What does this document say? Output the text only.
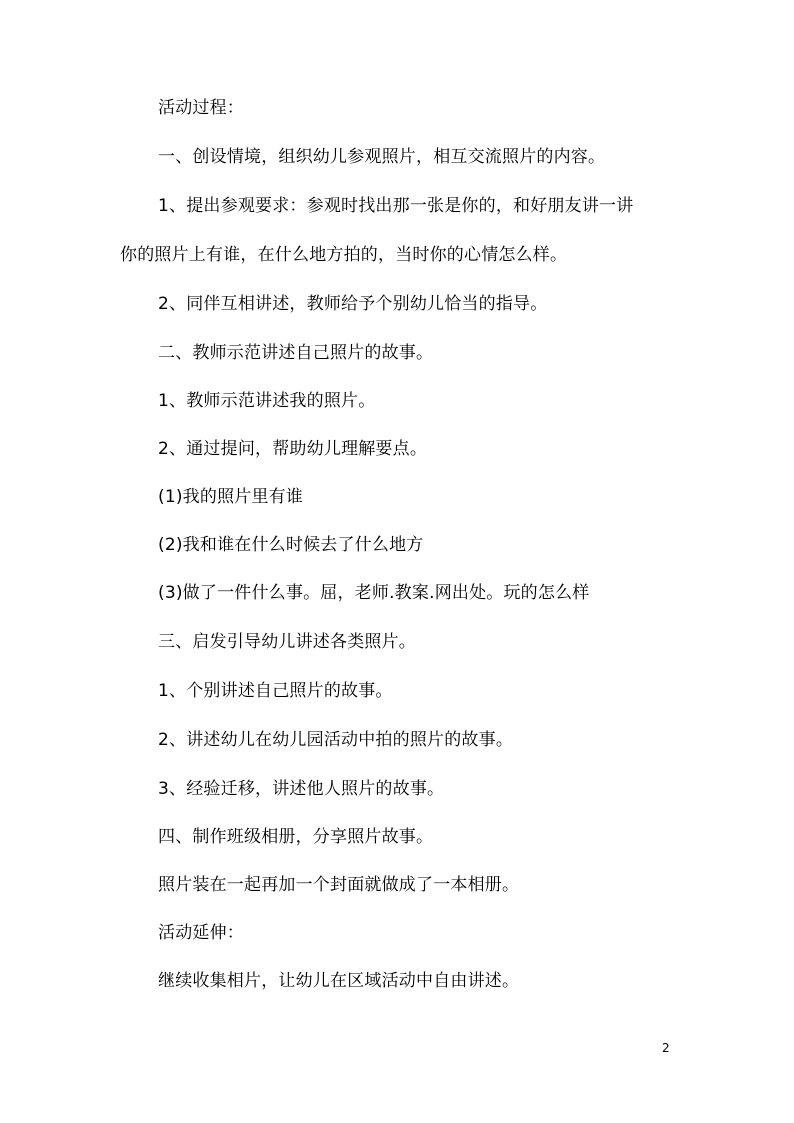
活动过程：
一、创设情境，组织幼儿参观照片，相互交流照片的内容。
1、提出参观要求：参观时找出那一张是你的，和好朋友讲一讲
你的照片上有谁，在什么地方拍的，当时你的心情怎么样。
2、同伴互相讲述，教师给予个别幼儿恰当的指导。
二、教师示范讲述自己照片的故事。
1、教师示范讲述我的照片。
2、通过提问，帮助幼儿理解要点。
(1)我的照片里有谁
(2)我和谁在什么时候去了什么地方
(3)做了一件什么事。屈，老师.教案.网出处。玩的怎么样
三、启发引导幼儿讲述各类照片。
1、个别讲述自己照片的故事。
2、讲述幼儿在幼儿园活动中拍的照片的故事。
3、经验迁移，讲述他人照片的故事。
四、制作班级相册，分享照片故事。
照片装在一起再加一个封面就做成了一本相册。
活动延伸：
继续收集相片，让幼儿在区域活动中自由讲述。
2
